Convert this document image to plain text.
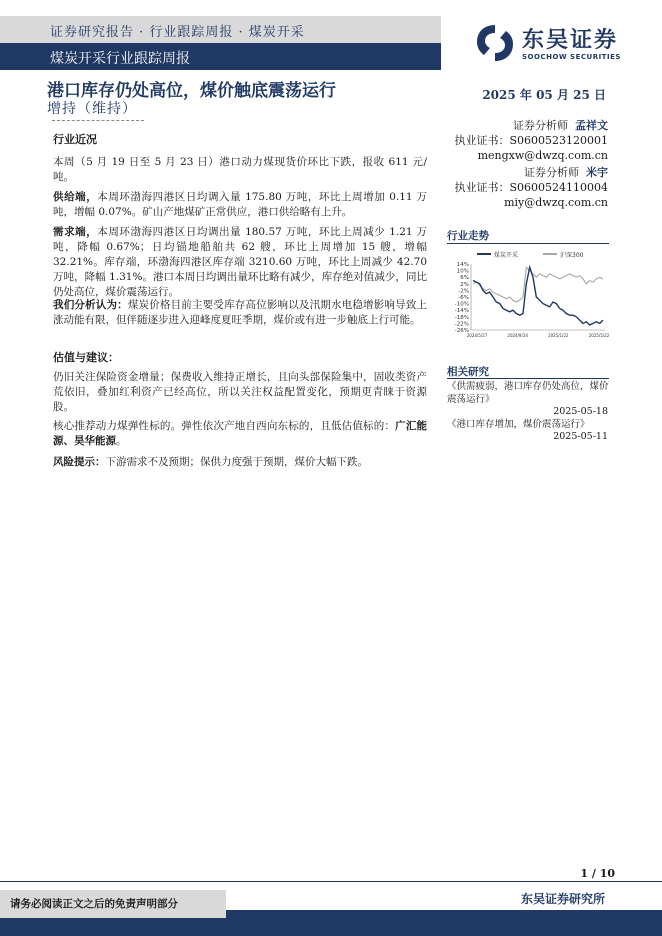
证券研究报告 · 行业跟踪周报 · 煤炭开采
煤炭开采行业跟踪周报
东吴证券
SOOCHOW SECURITIES
港口库存仍处高位，煤价触底震荡运行
增持（维持）
2025 年 05 月 25 日
证券分析师 孟祥文
执业证书：S0600523120001
mengxw@dwzq.com.cn
证券分析师 米宇
执业证书：S0600524110004
miy@dwzq.com.cn
行业近况
本周（5 月 19 日至 5 月 23 日）港口动力煤现货价环比下跌，报收 611 元/吨。
供给端，本周环渤海四港区日均调入量 175.80 万吨，环比上周增加 0.11 万吨，增幅 0.07%。矿山产地煤矿正常供应，港口供给略有上升。
需求端，本周环渤海四港区日均调出量 180.57 万吨，环比上周减少 1.21 万吨，降幅 0.67%；日均锚地船舶共 62 艘，环比上周增加 15 艘，增幅 32.21%。库存端，环渤海四港区库存端 3210.60 万吨，环比上周减少 42.70 万吨，降幅 1.31%。港口本周日均调出量环比略有减少，库存绝对值减少，同比仍处高位，煤价震荡运行。
我们分析认为：煤炭价格目前主要受库存高位影响以及汛期水电稳增影响导致上涨动能有限，但伴随逐步进入迎峰度夏旺季期，煤价或有进一步触底上行可能。
估值与建议：
仍旧关注保险资金增量；保费收入维持正增长，且向头部保险集中，固收类资产荒依旧，叠加红利资产已经高位，所以关注权益配置变化，预期更青睐于资源股。
核心推荐动力煤弹性标的。弹性依次产地自西向东标的，且低估值标的：广汇能源、昊华能源。
风险提示：下游需求不及预期；保供力度强于预期，煤价大幅下跌。
行业走势
煤炭开采	沪深300
14%
10%
6%
2%
-2%
-6%
-10%
-14%
-18%
-22%
-26%
2024/5/27	2024/9/24	2025/1/22	2025/5/22
相关研究
《供需疲弱，港口库存仍处高位，煤价震荡运行》
2025-05-18
《港口库存增加，煤价震荡运行》
2025-05-11
1 / 10
请务必阅读正文之后的免责声明部分	东吴证券研究所
